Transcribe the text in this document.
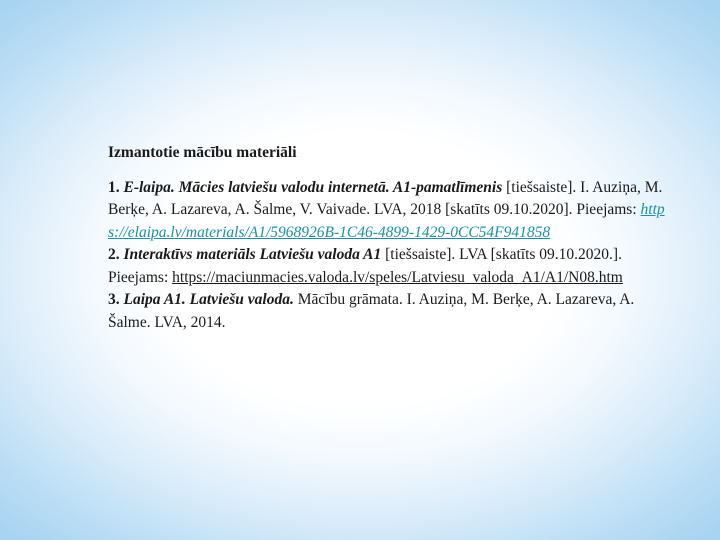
Izmantotie mācību materiāli

1. E-laipa. Mācies latviešu valodu internetā. A1-pamatlīmenis [tiešsaiste]. I. Auziņa, M. Berķe, A. Lazareva, A. Šalme, V. Vaivade. LVA, 2018 [skatīts 09.10.2020]. Pieejams: https://elaipa.lv/materials/A1/5968926B-1C46-4899-1429-0CC54F941858

2. Interaktīvs materiāls Latviešu valoda A1 [tiešsaiste]. LVA [skatīts 09.10.2020.]. Pieejams: https://maciunmacies.valoda.lv/speles/Latviesu_valoda_A1/A1/N08.htm

3. Laipa A1. Latviešu valoda. Mācību grāmata. I. Auziņa, M. Berķe, A. Lazareva, A. Šalme. LVA, 2014.
